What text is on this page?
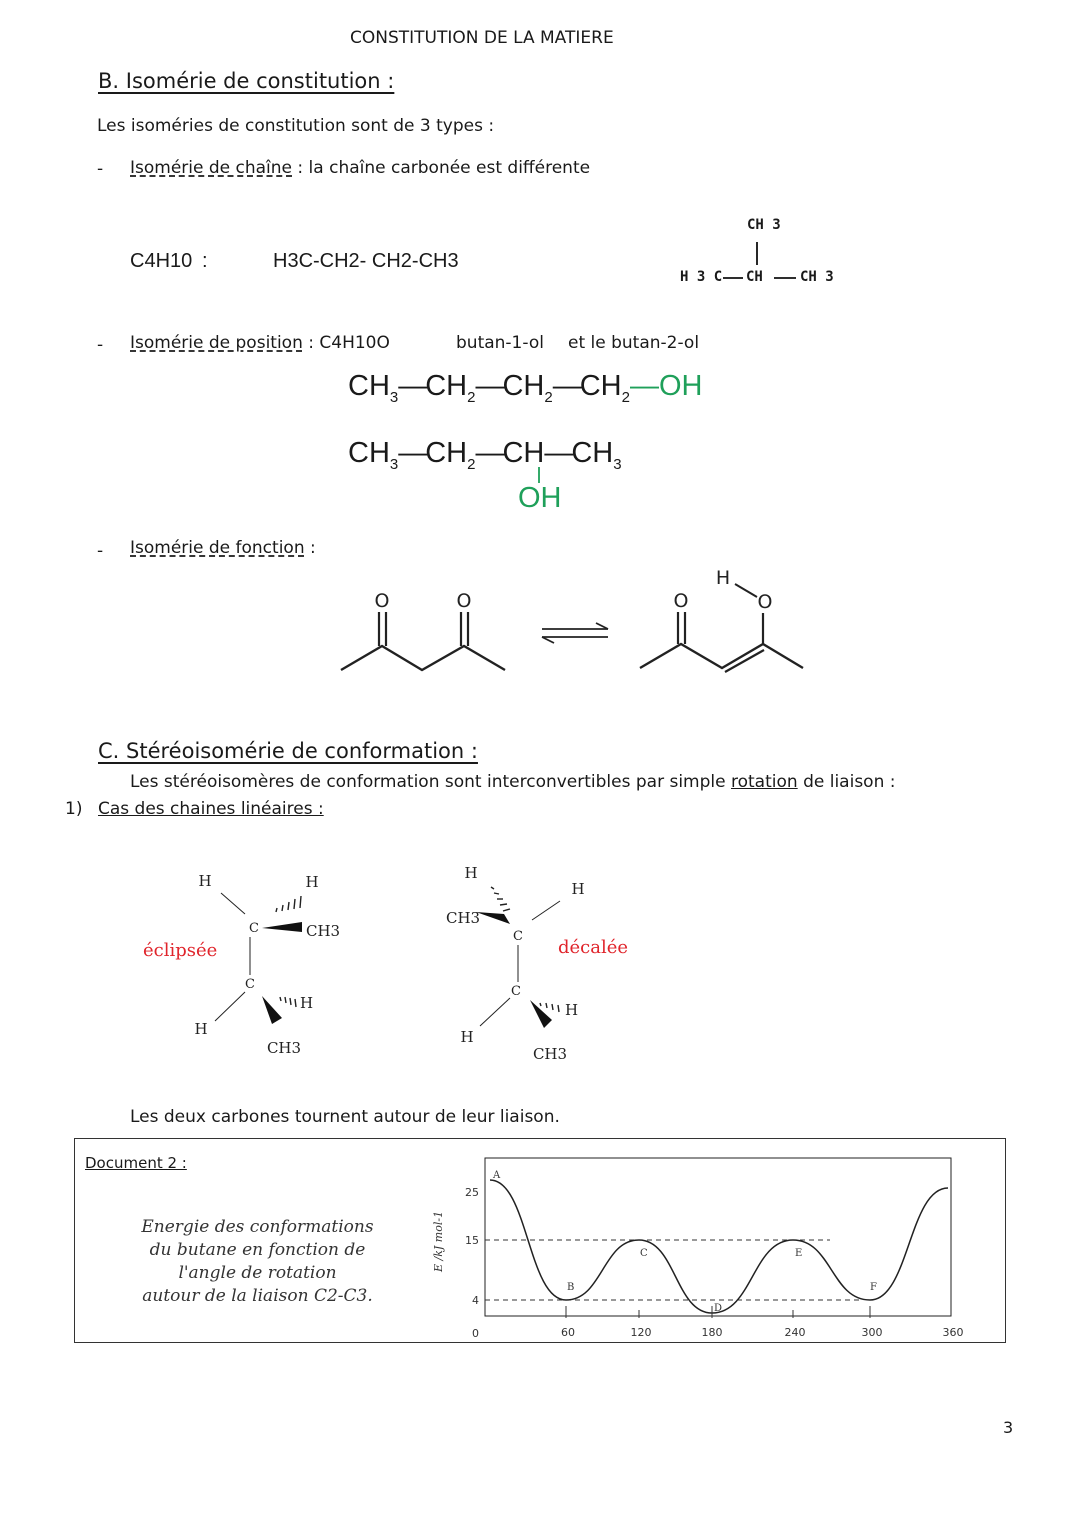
CONSTITUTION DE LA MATIERE
B. Isomérie de constitution :
Les isoméries de constitution sont de 3 types :
- Isomérie de chaîne : la chaîne carbonée est différente
C4H10 :	H3C-CH2- CH2-CH3
CH 3
H 3 C CH	CH 3
- Isomérie de position : C4H10O	butan-1-ol et le butan-2-ol
$CH_3—CH_2—CH_2—CH_2—OH$
$CH_3—CH_2—CH—CH_3$
OH
- Isomérie de fonction :
O	O	O	O
H
C. Stéréoisomérie de conformation :
Les stéréoisomères de conformation sont interconvertibles par simple rotation de liaison :
1) Cas des chaines linéaires :
H	H
C	CH3
C
H
H
CH3
H
H
CH3
C
C
H
H
CH3
éclipsée	décalée
Les deux carbones tournent autour de leur liaison.
Document 2 :
Energie des conformations
du butane en fonction de
l'angle de rotation
autour de la liaison C2-C3.
E /kJ mol-1
0
4
15
25
60	120	180	240	300	360
A
B
C
D
E
F
3
